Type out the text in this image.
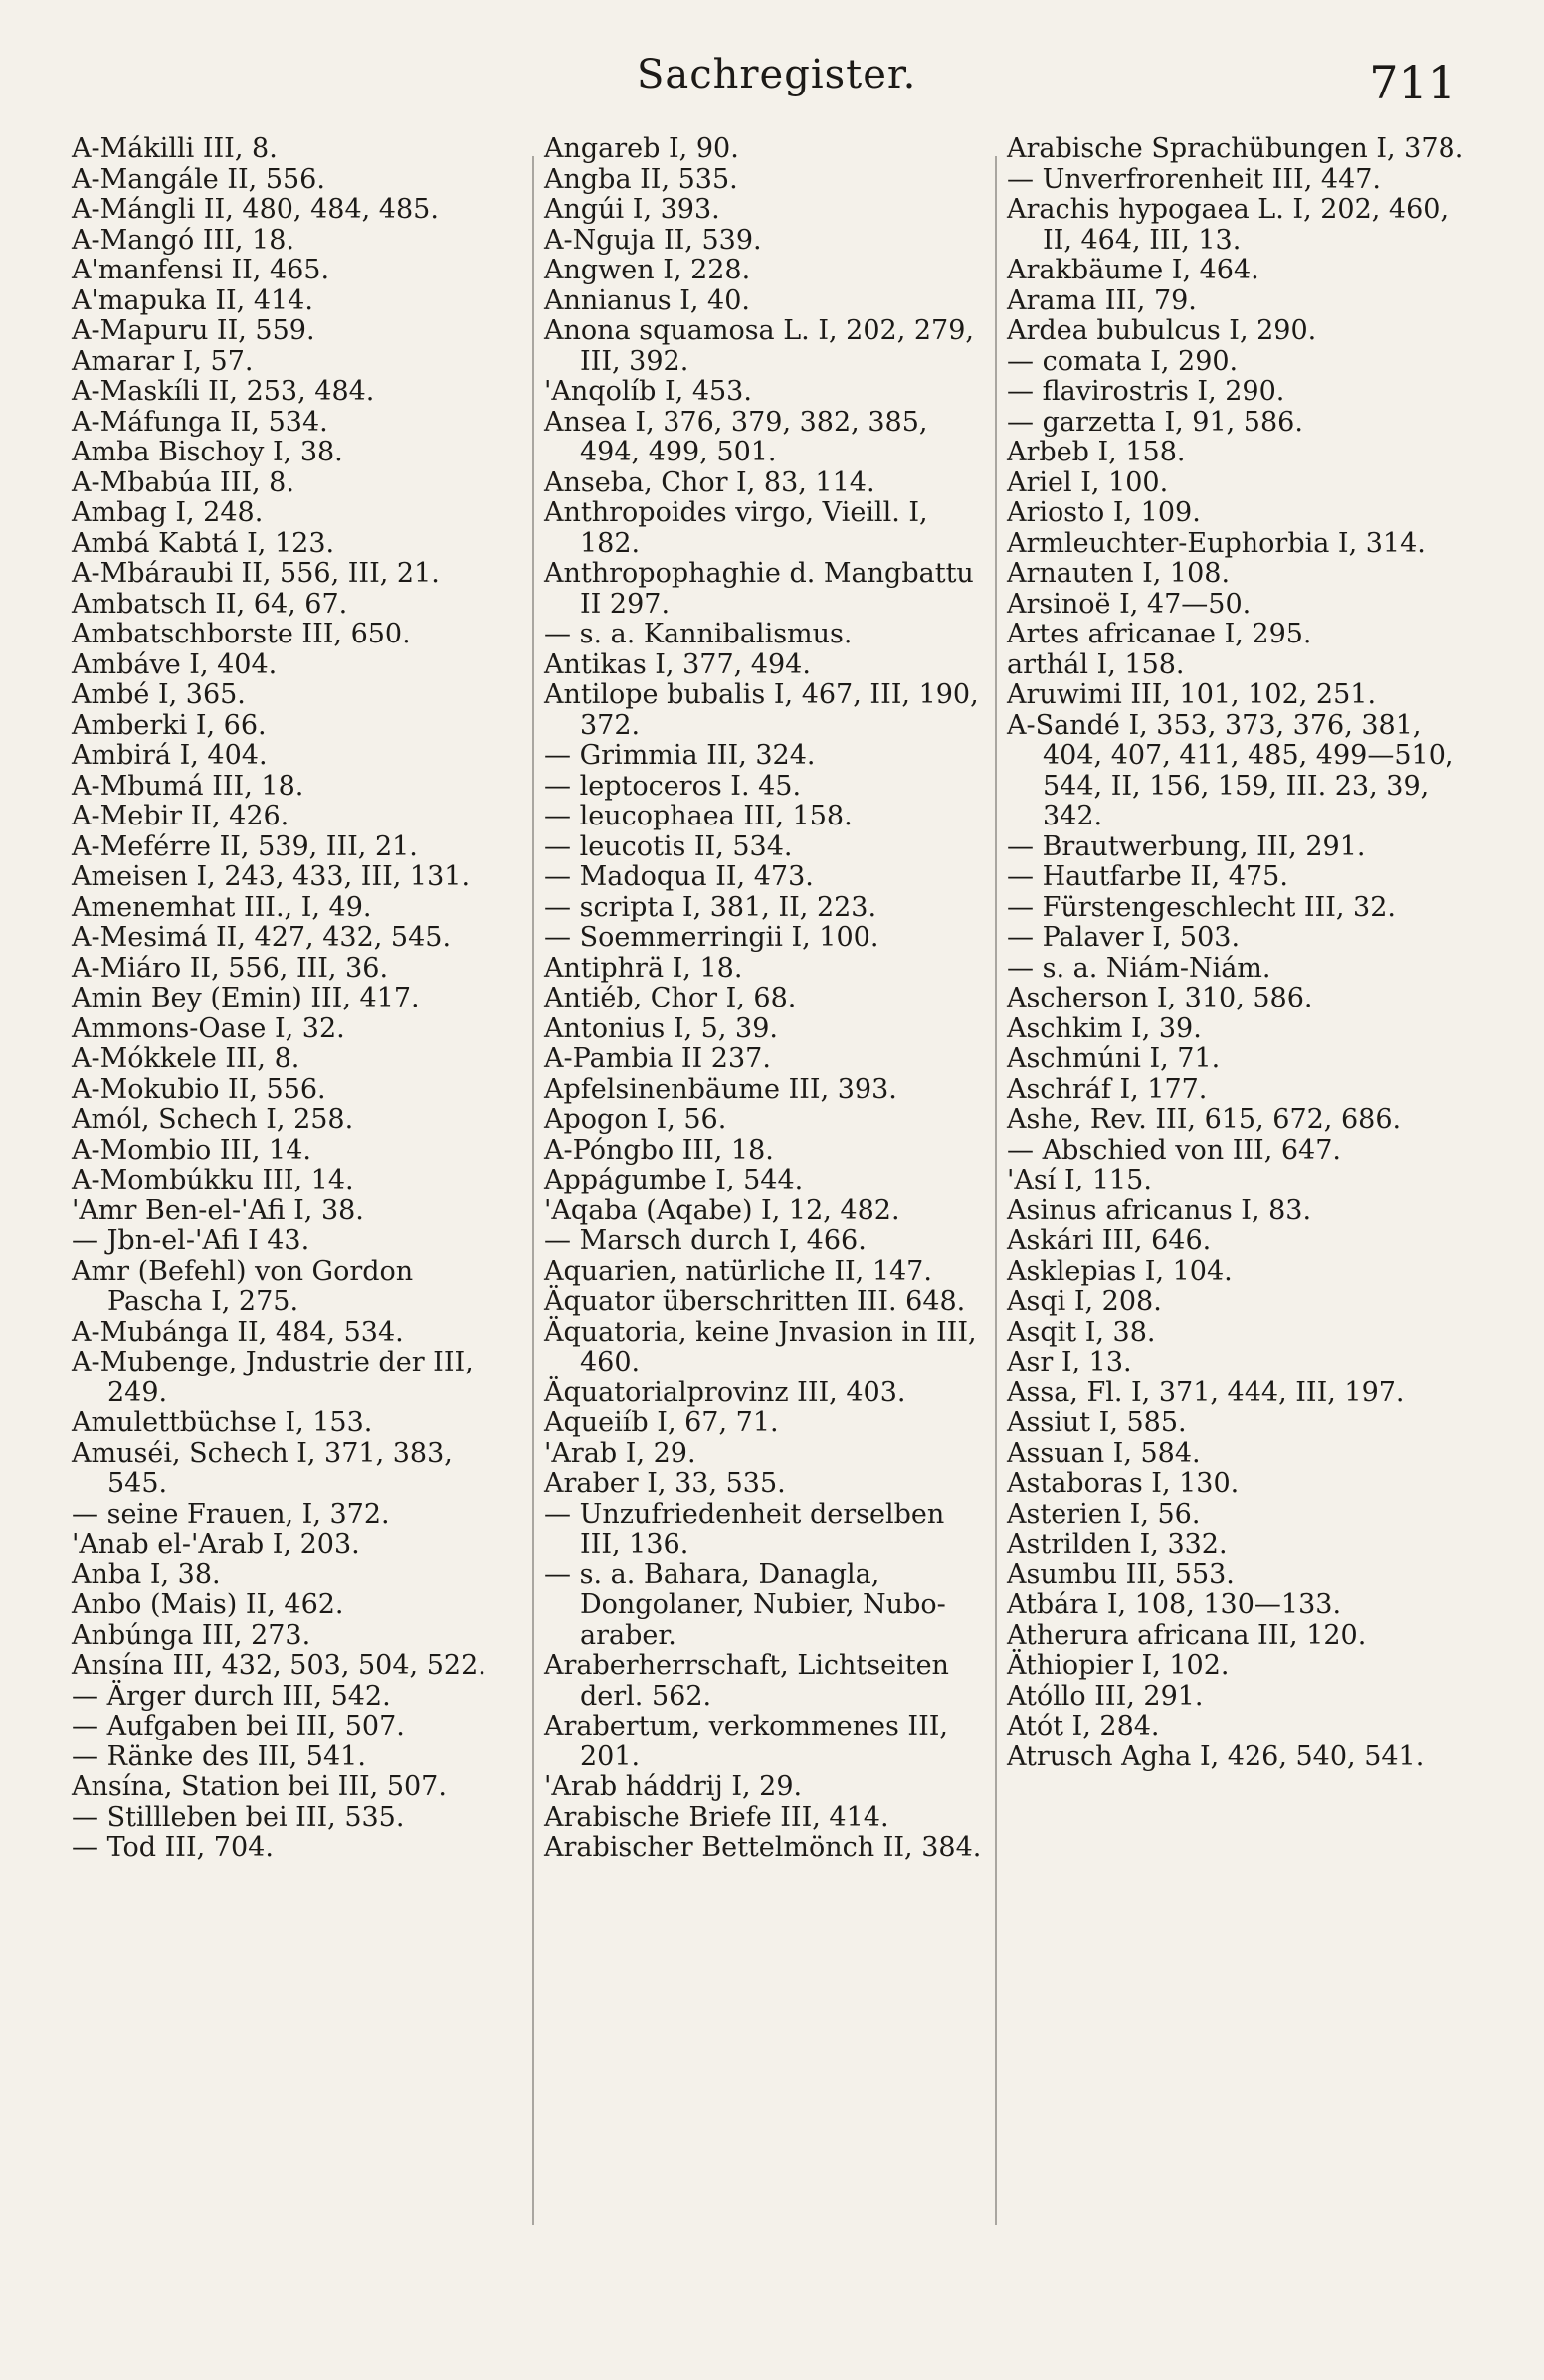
Sachregister.	711

A-Mákilli III, 8.

A-Mangále II, 556.

A-Mángli II, 480, 484, 485.

A-Mangó III, 18.

A'manfensi II, 465.

A'mapuka II, 414.

A-Mapuru II, 559.

Amarar I, 57.

A-Maskíli II, 253, 484.

A-Máfunga II, 534.

Amba Bischoy I, 38.

A-Mbabúa III, 8.

Ambag I, 248.

Ambá Kabtá I, 123.

A-Mbáraubi II, 556, III, 21.

Ambatsch II, 64, 67.

Ambatschborste III, 650.

Ambáve I, 404.

Ambé I, 365.

Amberki I, 66.

Ambirá I, 404.

A-Mbumá III, 18.

A-Mebir II, 426.

A-Meférre II, 539, III, 21.

Ameisen I, 243, 433, III, 131.

Amenemhat III., I, 49.

A-Mesimá II, 427, 432, 545.

A-Miáro II, 556, III, 36.

Amin Bey (Emin) III, 417.

Ammons-Oase I, 32.

A-Mókkele III, 8.

A-Mokubio II, 556.

Amól, Schech I, 258.

A-Mombio III, 14.

A-Mombúkku III, 14.

'Amr Ben-el-'Afi I, 38.

— Jbn-el-'Afi I 43.

Amr (Befehl) von Gordon Pascha I, 275.

A-Mubánga II, 484, 534.

A-Mubenge, Jndustrie der III, 249.

Amulettbüchse I, 153.

Amuséi, Schech I, 371, 383, 545.

— seine Frauen, I, 372.

'Anab el-'Arab I, 203.

Anba I, 38.

Anbo (Mais) II, 462.

Anbúnga III, 273.

Ansína III, 432, 503, 504, 522.

— Ärger durch III, 542.

— Aufgaben bei III, 507.

— Ränke des III, 541.

Ansína, Station bei III, 507.

— Stillleben bei III, 535.

— Tod III, 704.

Angareb I, 90.

Angba II, 535.

Angúi I, 393.

A-Nguja II, 539.

Angwen I, 228.

Annianus I, 40.

Anona squamosa L. I, 202, 279, III, 392.

'Anqolíb I, 453.

Ansea I, 376, 379, 382, 385, 494, 499, 501.

Anseba, Chor I, 83, 114.

Anthropoides virgo, Vieill. I, 182.

Anthropophaghie d. Mangbattu II 297.

— s. a. Kannibalismus.

Antikas I, 377, 494.

Antilope bubalis I, 467, III, 190, 372.

— Grimmia III, 324.

— leptoceros I. 45.

— leucophaea III, 158.

— leucotis II, 534.

— Madoqua II, 473.

— scripta I, 381, II, 223.

— Soemmerringii I, 100.

Antiphrä I, 18.

Antiéb, Chor I, 68.

Antonius I, 5, 39.

A-Pambia II 237.

Apfelsinenbäume III, 393.

Apogon I, 56.

A-Póngbo III, 18.

Appágumbe I, 544.

'Aqaba (Aqabe) I, 12, 482.

— Marsch durch I, 466.

Aquarien, natürliche II, 147.

Äquator überschritten III. 648.

Äquatoria, keine Jnvasion in III, 460.

Äquatorialprovinz III, 403.

Aqueiíb I, 67, 71.

'Arab I, 29.

Araber I, 33, 535.

— Unzufriedenheit derselben III, 136.

— s. a. Bahara, Danagla, Dongolaner, Nubier, Nubo-araber.

Araberherrschaft, Lichtseiten derl. 562.

Arabertum, verkommenes III, 201.

'Arab háddrij I, 29.

Arabische Briefe III, 414.

Arabischer Bettelmönch II, 384.

Arabische Sprachübungen I, 378.

— Unverfrorenheit III, 447.

Arachis hypogaea L. I, 202, 460, II, 464, III, 13.

Arakbäume I, 464.

Arama III, 79.

Ardea bubulcus I, 290.

— comata I, 290.

— flavirostris I, 290.

— garzetta I, 91, 586.

Arbeb I, 158.

Ariel I, 100.

Ariosto I, 109.

Armleuchter-Euphorbia I, 314.

Arnauten I, 108.

Arsinoë I, 47—50.

Artes africanae I, 295.

arthál I, 158.

Aruwimi III, 101, 102, 251.

A-Sandé I, 353, 373, 376, 381, 404, 407, 411, 485, 499—510, 544, II, 156, 159, III. 23, 39, 342.

— Brautwerbung, III, 291.

— Hautfarbe II, 475.

— Fürstengeschlecht III, 32.

— Palaver I, 503.

— s. a. Niám-Niám.

Ascherson I, 310, 586.

Aschkim I, 39.

Aschmúni I, 71.

Aschráf I, 177.

Ashe, Rev. III, 615, 672, 686.

— Abschied von III, 647.

'Así I, 115.

Asinus africanus I, 83.

Askári III, 646.

Asklepias I, 104.

Asqi I, 208.

Asqit I, 38.

Asr I, 13.

Assa, Fl. I, 371, 444, III, 197.

Assiut I, 585.

Assuan I, 584.

Astaboras I, 130.

Asterien I, 56.

Astrilden I, 332.

Asumbu III, 553.

Atbára I, 108, 130—133.

Atherura africana III, 120.

Äthiopier I, 102.

Atóllo III, 291.

Atót I, 284.

Atrusch Agha I, 426, 540, 541.
